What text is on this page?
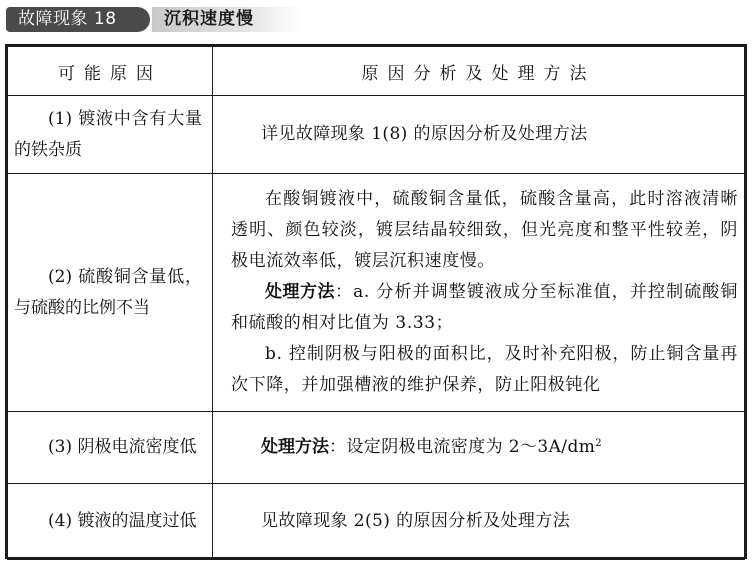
故障现象 18	沉积速度慢
可能原因	原因分析及处理方法

(1) 镀液中含有大量的铁杂质	详见故障现象 1(8) 的原因分析及处理方法

(2) 硫酸铜含量低，与硫酸的比例不当	在酸铜镀液中，硫酸铜含量低，硫酸含量高，此时溶液清晰透明、颜色较淡，镀层结晶较细致，但光亮度和整平性较差，阴极电流效率低，镀层沉积速度慢。

处理方法：a. 分析并调整镀液成分至标准值，并控制硫酸铜和硫酸的相对比值为 3.33；

b. 控制阴极与阳极的面积比，及时补充阳极，防止铜含量再次下降，并加强槽液的维护保养，防止阳极钝化

(3) 阴极电流密度低	处理方法：设定阴极电流密度为 $2\sim 3A/dm^2$

(4) 镀液的温度过低	见故障现象 2(5) 的原因分析及处理方法
